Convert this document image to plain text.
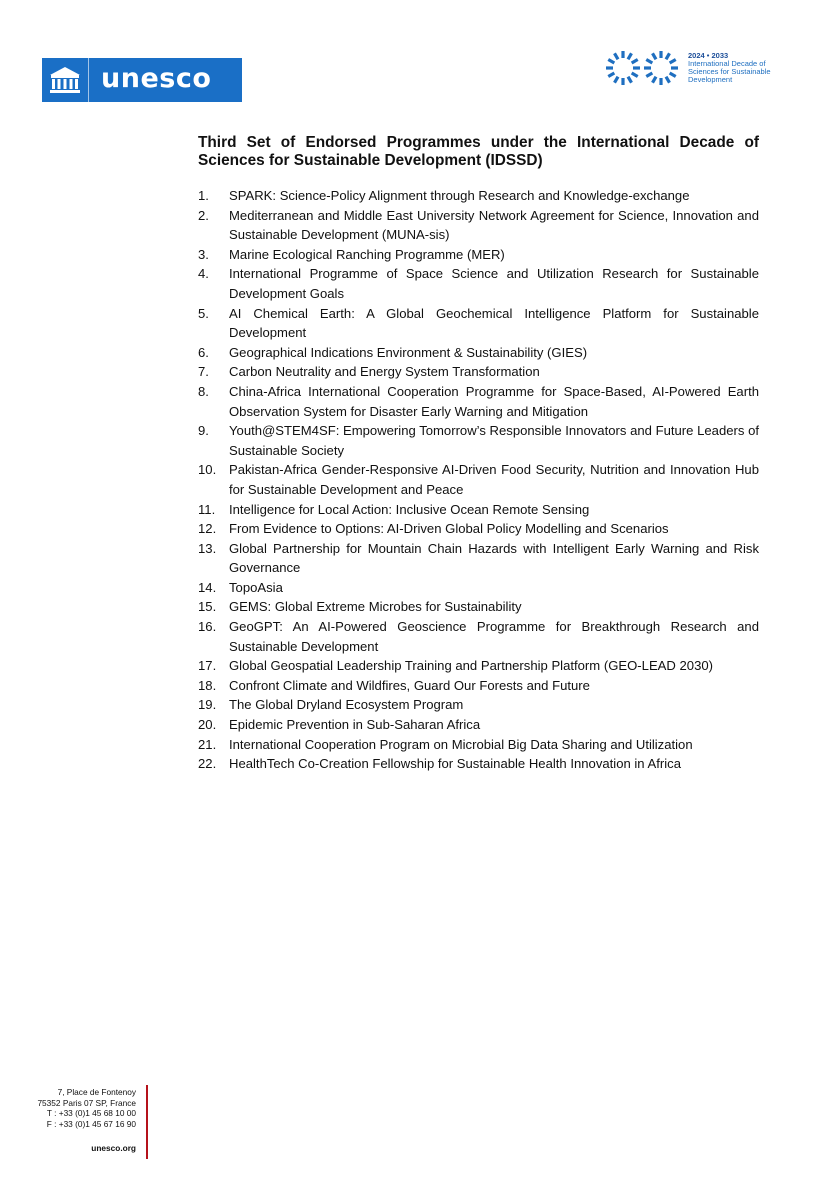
unesco
2024 • 2033
International Decade of
Sciences for Sustainable
Development
Third Set of Endorsed Programmes under the International Decade of Sciences for Sustainable Development (IDSSD)
1.	SPARK: Science-Policy Alignment through Research and Knowledge-exchange
2.	Mediterranean and Middle East University Network Agreement for Science, Innovation and Sustainable Development (MUNA-sis)
3.	Marine Ecological Ranching Programme (MER)
4.	International Programme of Space Science and Utilization Research for Sustainable Development Goals
5.	AI Chemical Earth: A Global Geochemical Intelligence Platform for Sustainable Development
6.	Geographical Indications Environment & Sustainability (GIES)
7.	Carbon Neutrality and Energy System Transformation
8.	China-Africa International Cooperation Programme for Space-Based, AI-Powered Earth Observation System for Disaster Early Warning and Mitigation
9.	Youth@STEM4SF: Empowering Tomorrow’s Responsible Innovators and Future Leaders of Sustainable Society
10. Pakistan-Africa Gender-Responsive AI-Driven Food Security, Nutrition and Innovation Hub for Sustainable Development and Peace
11.	Intelligence for Local Action: Inclusive Ocean Remote Sensing
12. From Evidence to Options: AI-Driven Global Policy Modelling and Scenarios
13. Global Partnership for Mountain Chain Hazards with Intelligent Early Warning and Risk Governance
14. TopoAsia
15. GEMS: Global Extreme Microbes for Sustainability
16. GeoGPT: An AI-Powered Geoscience Programme for Breakthrough Research and Sustainable Development
17. Global Geospatial Leadership Training and Partnership Platform (GEO-LEAD 2030)
18. Confront Climate and Wildfires, Guard Our Forests and Future
19. The Global Dryland Ecosystem Program
20. Epidemic Prevention in Sub-Saharan Africa
21. International Cooperation Program on Microbial Big Data Sharing and Utilization
22. HealthTech Co-Creation Fellowship for Sustainable Health Innovation in Africa
7, Place de Fontenoy
75352 Paris 07 SP, France
T : +33 (0)1 45 68 10 00
F : +33 (0)1 45 67 16 90
unesco.org
